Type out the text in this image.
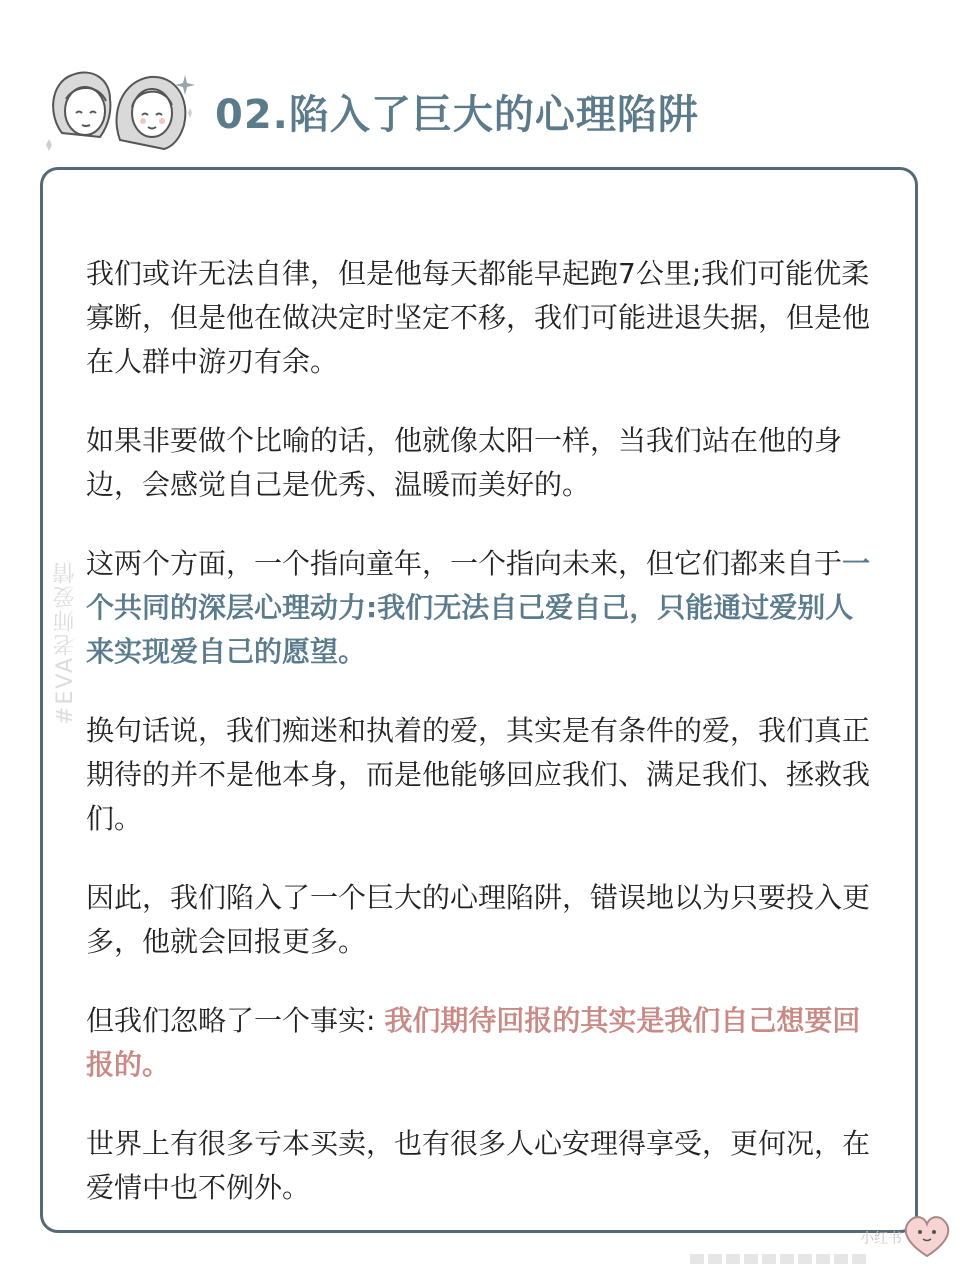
02.陷入了巨大的心理陷阱
#EVA老师爱情

我们或许无法自律，但是他每天都能早起跑7公里;我们可能优柔寡断，但是他在做决定时坚定不移，我们可能进退失据，但是他在人群中游刃有余。

如果非要做个比喻的话，他就像太阳一样，当我们站在他的身边，会感觉自己是优秀、温暖而美好的。

这两个方面，一个指向童年，一个指向未来，但它们都来自于一个共同的深层心理动力:我们无法自己爱自己，只能通过爱别人来实现爱自己的愿望。

换句话说，我们痴迷和执着的爱，其实是有条件的爱，我们真正期待的并不是他本身，而是他能够回应我们、满足我们、拯救我们。

因此，我们陷入了一个巨大的心理陷阱，错误地以为只要投入更多，他就会回报更多。

但我们忽略了一个事实: 我们期待回报的其实是我们自己想要回报的。

世界上有很多亏本买卖，也有很多人心安理得享受，更何况，在爱情中也不例外。

小红书
